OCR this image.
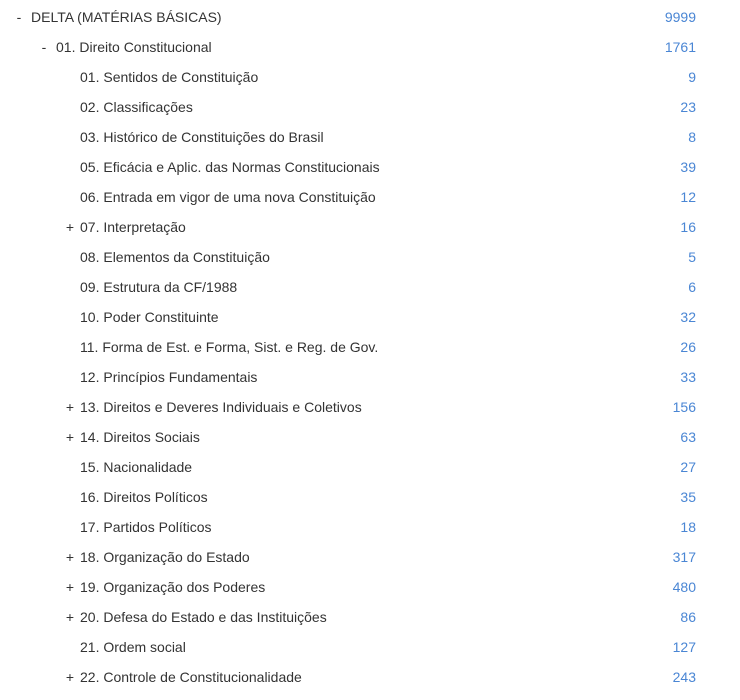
- DELTA (MATÉRIAS BÁSICAS)	9999
- 01. Direito Constitucional	1761
01. Sentidos de Constituição	9
02. Classificações	23
03. Histórico de Constituições do Brasil	8
05. Eficácia e Aplic. das Normas Constitucionais	39
06. Entrada em vigor de uma nova Constituição	12
+ 07. Interpretação	16
08. Elementos da Constituição	5
09. Estrutura da CF/1988	6
10. Poder Constituinte	32
11. Forma de Est. e Forma, Sist. e Reg. de Gov.	26
12. Princípios Fundamentais	33
+ 13. Direitos e Deveres Individuais e Coletivos	156
+ 14. Direitos Sociais	63
15. Nacionalidade	27
16. Direitos Políticos	35
17. Partidos Políticos	18
+ 18. Organização do Estado	317
+ 19. Organização dos Poderes	480
+ 20. Defesa do Estado e das Instituições	86
21. Ordem social	127
+ 22. Controle de Constitucionalidade	243
